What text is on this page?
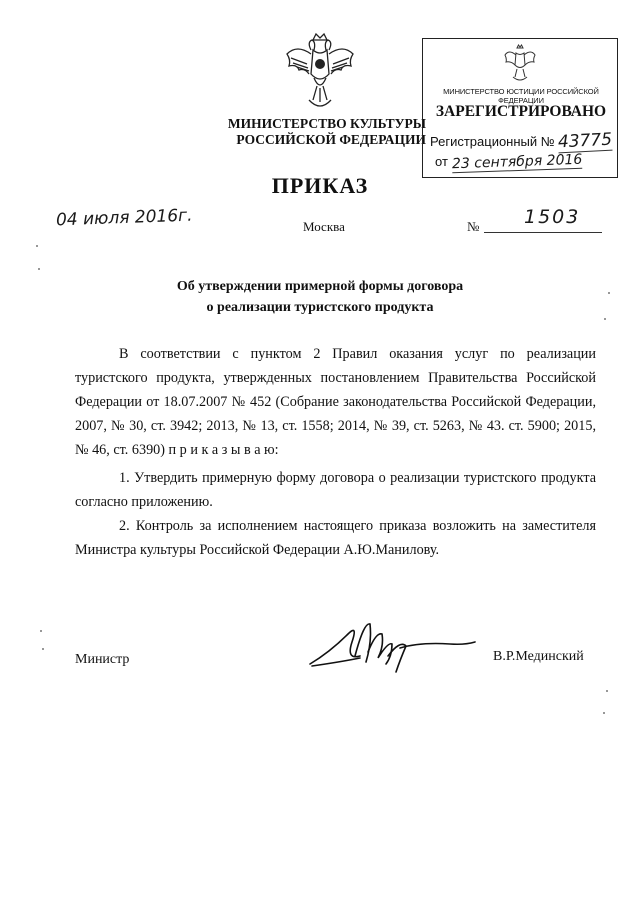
МИНИСТЕРСТВО КУЛЬТУРЫ
РОССИЙСКОЙ ФЕДЕРАЦИИ
МИНИСТЕРСТВО ЮСТИЦИИ РОССИЙСКОЙ ФЕДЕРАЦИИ
ЗАРЕГИСТРИРОВАНО
Регистрационный № 43775
от 23 сентября 2016
ПРИКАЗ
04 июля 2016г.	Москва	№ 1503
Об утверждении примерной формы договора
о реализации туристского продукта
В соответствии с пунктом 2 Правил оказания услуг по реализации туристского продукта, утвержденных постановлением Правительства Российской Федерации от 18.07.2007 № 452 (Собрание законодательства Российской Федерации, 2007, № 30, ст. 3942; 2013, № 13, ст. 1558; 2014, № 39, ст. 5263, № 43. ст. 5900; 2015, № 46, ст. 6390) п р и к а з ы в а ю:
1. Утвердить примерную форму договора о реализации туристского продукта согласно приложению.
2. Контроль за исполнением настоящего приказа возложить на заместителя Министра культуры Российской Федерации А.Ю.Манилову.
Министр	В.Р.Мединский
